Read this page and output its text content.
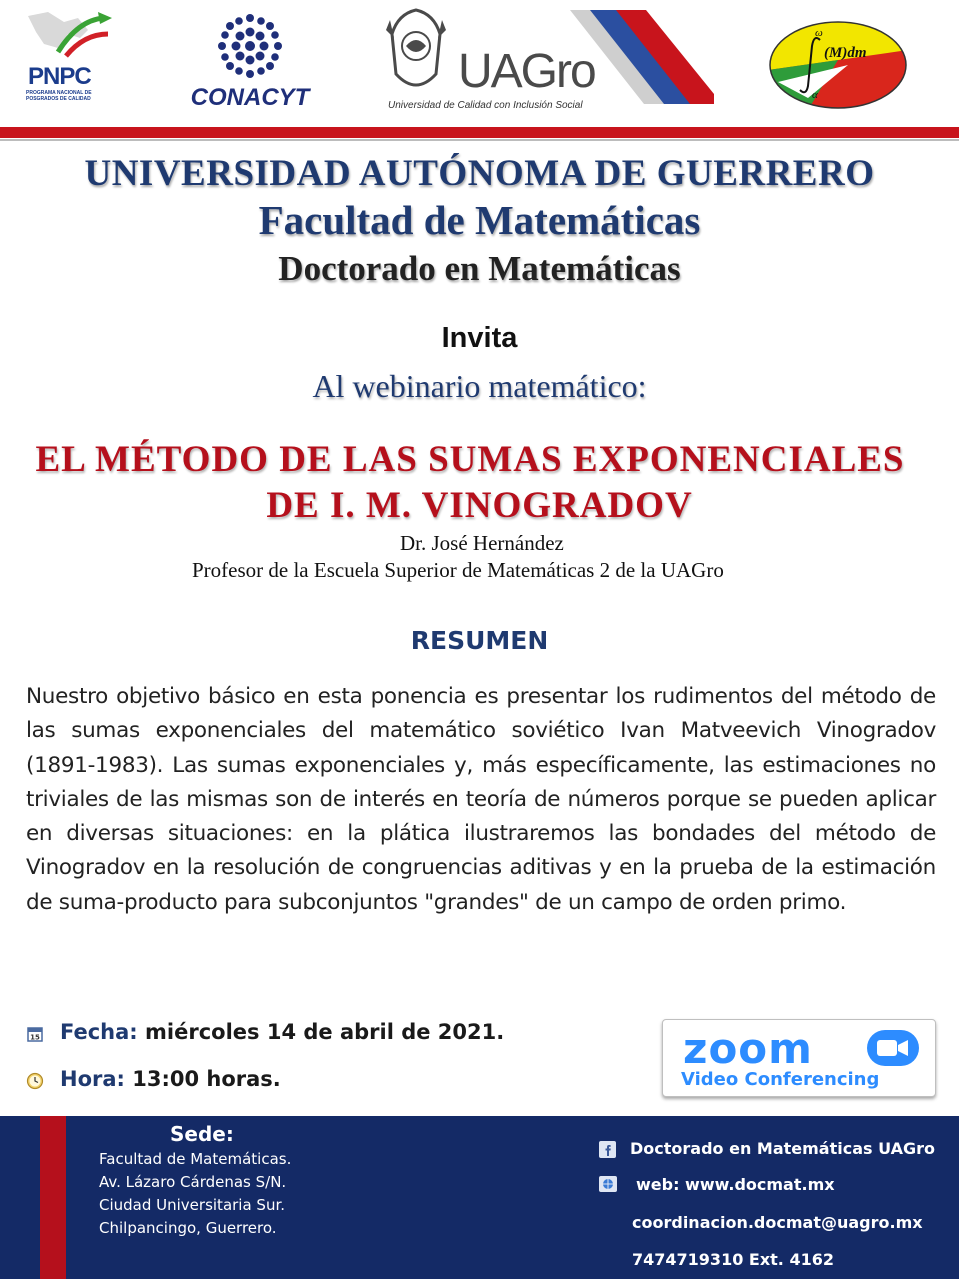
PNPC
PROGRAMA NACIONAL DE POSGRADOS DE CALIDAD	CONACYT	UAGro
Universidad de Calidad con Inclusión Social
ω
(M)dm
α
UNIVERSIDAD AUTÓNOMA DE GUERRERO
Facultad de Matemáticas
Doctorado en Matemáticas
Invita
Al webinario matemático:
EL MÉTODO DE LAS SUMAS EXPONENCIALES
DE I. M. VINOGRADOV
Dr. José Hernández
Profesor de la Escuela Superior de Matemáticas 2 de la UAGro
RESUMEN
Nuestro objetivo básico en esta ponencia es presentar los rudimentos del método de las sumas exponenciales del matemático soviético Ivan Matveevich Vinogradov (1891-1983). Las sumas exponenciales y, más específicamente, las estimaciones no triviales de las mismas son de interés en teoría de números porque se pueden aplicar en diversas situaciones: en la plática ilustraremos las bondades del método de Vinogradov en la resolución de congruencias aditivas y en la prueba de la estimación de suma-producto para subconjuntos "grandes" de un campo de orden primo.
15 Fecha: miércoles 14 de abril de 2021.
Hora: 13:00 horas.
zoom
Video Conferencing
Sede:
Facultad de Matemáticas.
Av. Lázaro Cárdenas S/N.
Ciudad Universitaria Sur.
Chilpancingo, Guerrero.
Doctorado en Matemáticas UAGro
web: www.docmat.mx
coordinacion.docmat@uagro.mx
7474719310 Ext. 4162
